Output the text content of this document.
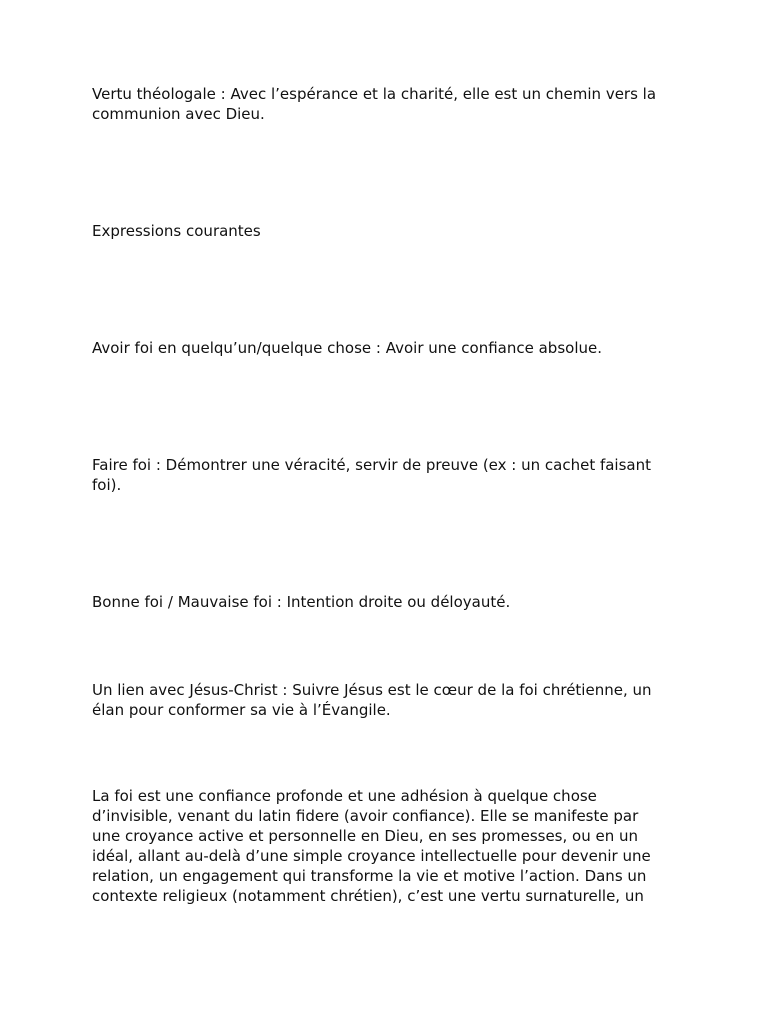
Vertu théologale : Avec l’espérance et la charité, elle est un chemin vers la
communion avec Dieu.

Expressions courantes

Avoir foi en quelqu’un/quelque chose : Avoir une confiance absolue.

Faire foi : Démontrer une véracité, servir de preuve (ex : un cachet faisant
foi).

Bonne foi / Mauvaise foi : Intention droite ou déloyauté.

Un lien avec Jésus-Christ : Suivre Jésus est le cœur de la foi chrétienne, un
élan pour conformer sa vie à l’Évangile.

La foi est une confiance profonde et une adhésion à quelque chose
d’invisible, venant du latin fidere (avoir confiance). Elle se manifeste par
une croyance active et personnelle en Dieu, en ses promesses, ou en un
idéal, allant au-delà d’une simple croyance intellectuelle pour devenir une
relation, un engagement qui transforme la vie et motive l’action. Dans un
contexte religieux (notamment chrétien), c’est une vertu surnaturelle, un
